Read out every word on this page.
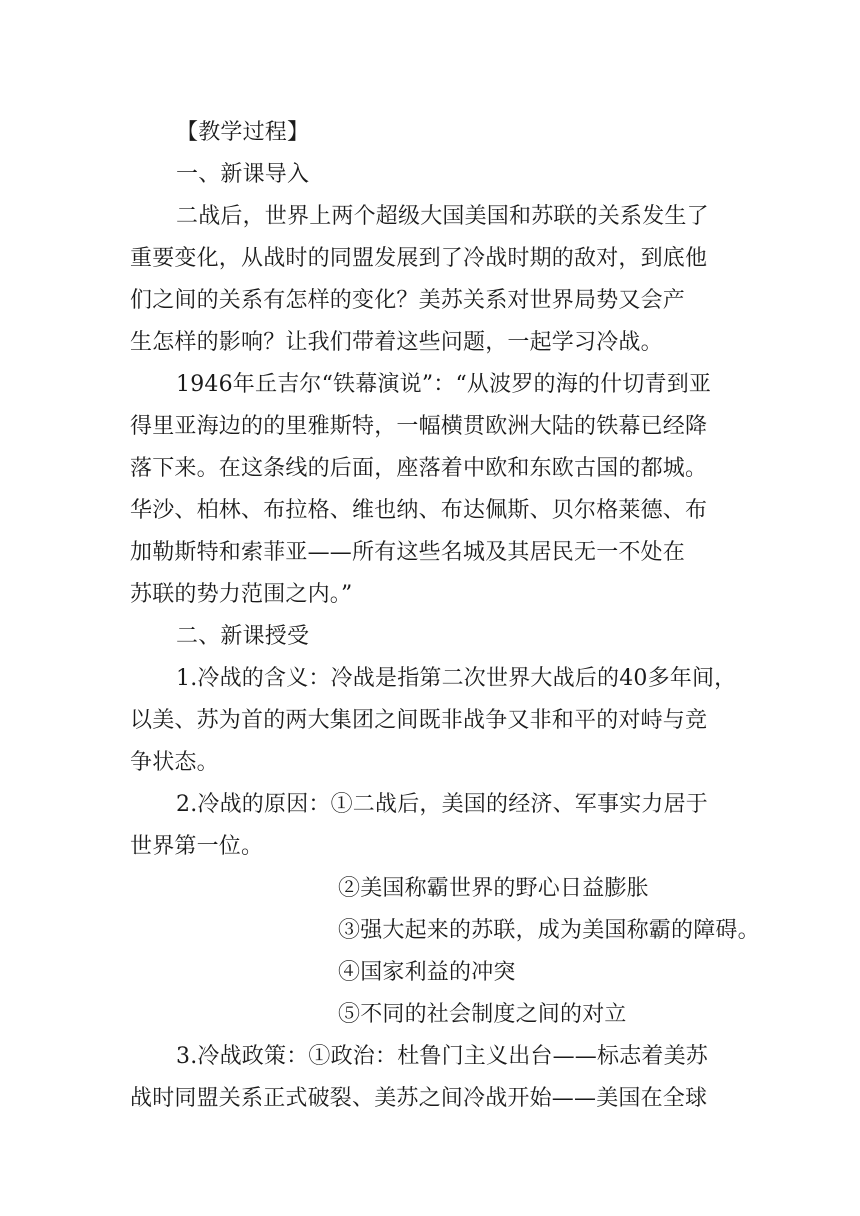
【教学过程】
一、新课导入
二战后，世界上两个超级大国美国和苏联的关系发生了
重要变化，从战时的同盟发展到了冷战时期的敌对，到底他
们之间的关系有怎样的变化？美苏关系对世界局势又会产
生怎样的影响？让我们带着这些问题，一起学习冷战。
1946年丘吉尔“铁幕演说”：“从波罗的海的什切青到亚
得里亚海边的的里雅斯特，一幅横贯欧洲大陆的铁幕已经降
落下来。在这条线的后面，座落着中欧和东欧古国的都城。
华沙、柏林、布拉格、维也纳、布达佩斯、贝尔格莱德、布
加勒斯特和索菲亚——所有这些名城及其居民无一不处在
苏联的势力范围之内。”
二、新课授受
1.冷战的含义：冷战是指第二次世界大战后的40多年间，
以美、苏为首的两大集团之间既非战争又非和平的对峙与竞
争状态。
2.冷战的原因：①二战后，美国的经济、军事实力居于
世界第一位。
②美国称霸世界的野心日益膨胀
③强大起来的苏联，成为美国称霸的障碍。
④国家利益的冲突
⑤不同的社会制度之间的对立
3.冷战政策：①政治：杜鲁门主义出台——标志着美苏
战时同盟关系正式破裂、美苏之间冷战开始——美国在全球
